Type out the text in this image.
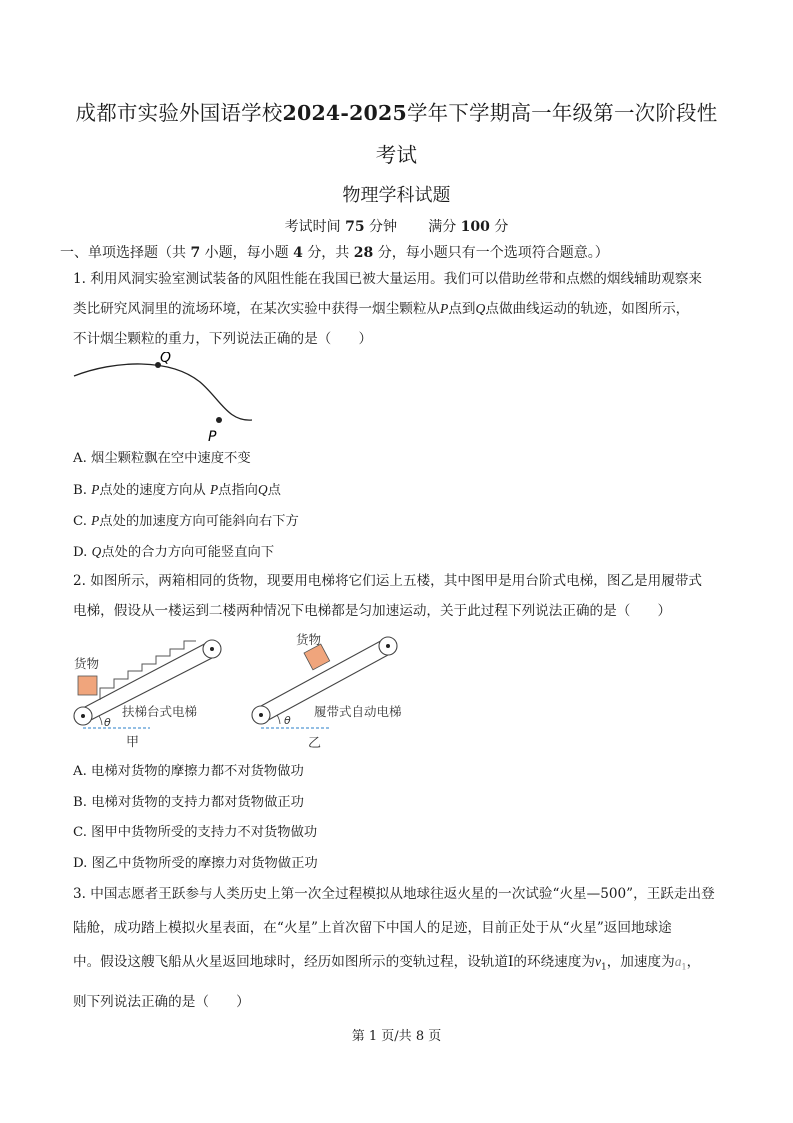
成都市实验外国语学校2024-2025学年下学期高一年级第一次阶段性
考试
物理学科试题
考试时间 75 分钟 满分 100 分
一、单项选择题（共 7 小题，每小题 4 分，共 28 分，每小题只有一个选项符合题意。）
1. 利用风洞实验室测试装备的风阻性能在我国已被大量运用。我们可以借助丝带和点燃的烟线辅助观察来
类比研究风洞里的流场环境，在某次实验中获得一烟尘颗粒从P点到Q点做曲线运动的轨迹，如图所示，
不计烟尘颗粒的重力，下列说法正确的是（　　）
Q
P
A. 烟尘颗粒飘在空中速度不变
B. P点处的速度方向从 P点指向Q点
C. P点处的加速度方向可能斜向右下方
D. Q点处的合力方向可能竖直向下
2. 如图所示，两箱相同的货物，现要用电梯将它们运上五楼，其中图甲是用台阶式电梯，图乙是用履带式
电梯，假设从一楼运到二楼两种情况下电梯都是匀加速运动，关于此过程下列说法正确的是（　　）
货物
扶梯台式电梯
θ
甲
货物
履带式自动电梯
θ
乙
A. 电梯对货物的摩擦力都不对货物做功
B. 电梯对货物的支持力都对货物做正功
C. 图甲中货物所受的支持力不对货物做功
D. 图乙中货物所受的摩擦力对货物做正功
3. 中国志愿者王跃参与人类历史上第一次全过程模拟从地球往返火星的一次试验“火星—500”，王跃走出登
陆舱，成功踏上模拟火星表面，在“火星”上首次留下中国人的足迹，目前正处于从“火星”返回地球途
中。假设这艘飞船从火星返回地球时，经历如图所示的变轨过程，设轨道I的环绕速度为$v_1$，加速度为$a_1$，
则下列说法正确的是（　　）
第 1 页/共 8 页
